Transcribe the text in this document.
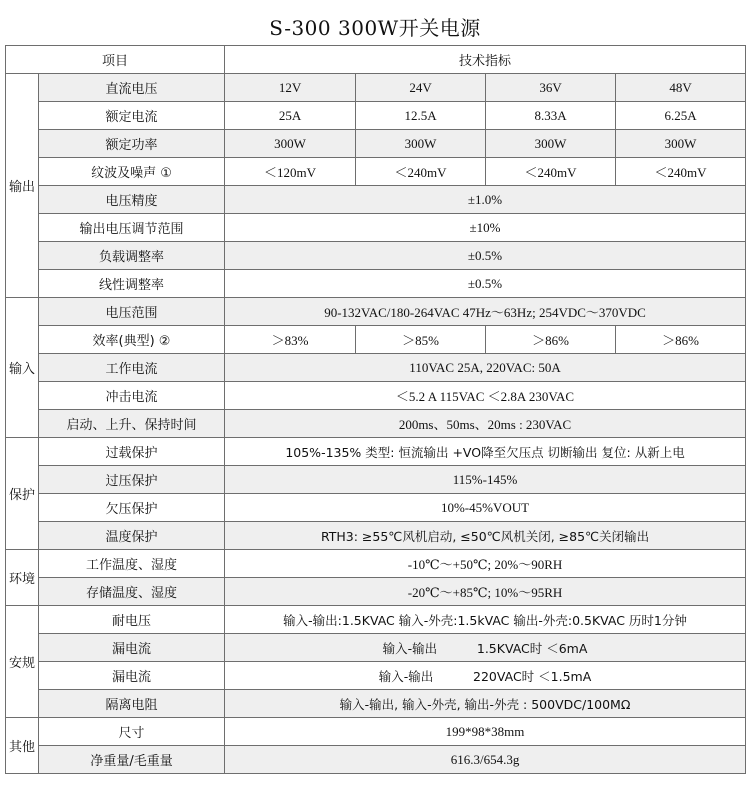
S-300 300W开关电源
项目		技术指标			
输出	直流电压	12V	24V	36V	48V
	额定电流	25A	12.5A	8.33A	6.25A
	额定功率	300W	300W	300W	300W
	纹波及噪声 ①	＜120mV	＜240mV	＜240mV	＜240mV
	电压精度	±1.0%			
	输出电压调节范围	±10%			
	负载调整率	±0.5%			
	线性调整率	±0.5%			
输入	电压范围	90-132VAC/180-264VAC 47Hz～63Hz; 254VDC～370VDC			
	效率(典型) ②	＞83%	＞85%	＞86%	＞86%
	工作电流	110VAC 25A, 220VAC: 50A			
	冲击电流	＜5.2 A 115VAC ＜2.8A 230VAC			
	启动、上升、保持时间	200ms、50ms、20ms : 230VAC			
保护	过载保护	105%-135% 类型: 恒流输出 +VO降至欠压点 切断输出 复位: 从新上电			
	过压保护	115%-145%			
	欠压保护	10%-45%VOUT			
	温度保护	RTH3: ≥55℃风机启动, ≤50℃风机关闭, ≥85℃关闭输出			
环境	工作温度、湿度	-10℃～+50℃; 20%～90RH			
	存储温度、湿度	-20℃～+85℃; 10%～95RH			
安规	耐电压	输入-输出:1.5KVAC 输入-外壳:1.5kVAC 输出-外壳:0.5KVAC 历时1分钟			
	漏电流	输入-输出          1.5KVAC时 ＜6mA			
	漏电流	输入-输出          220VAC时 ＜1.5mA			
	隔离电阻	输入-输出, 输入-外壳, 输出-外壳 : 500VDC/100MΩ			
其他	尺寸	199*98*38mm			
	净重量/毛重量	616.3/654.3g			
